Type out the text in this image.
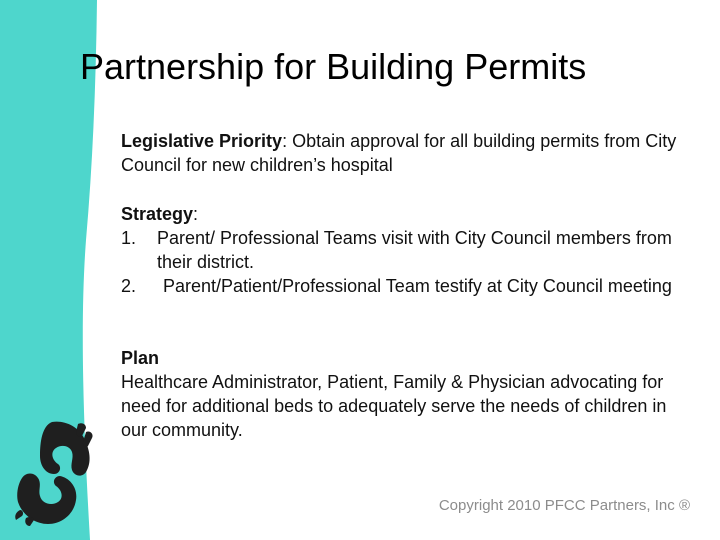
Partnership for Building Permits
Legislative Priority: Obtain approval for all building permits from City Council for new children’s hospital
Strategy:
1. Parent/ Professional Teams visit with City Council members from their district.
2.	Parent/Patient/Professional Team testify at City Council meeting
Plan
Healthcare Administrator, Patient, Family & Physician advocating for need for additional beds to adequately serve the needs of children in our community.
Copyright 2010 PFCC Partners, Inc ®
